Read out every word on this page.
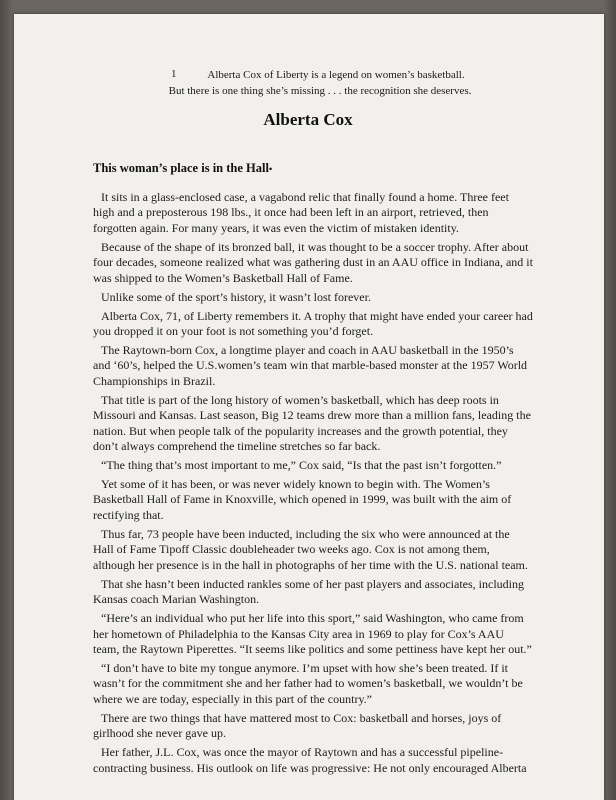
1	Alberta Cox of Liberty is a legend on women’s basketball.
But there is one thing she’s missing . . . the recognition she deserves.
Alberta Cox
This woman’s place is in the Hall•

It sits in a glass-enclosed case, a vagabond relic that finally found a home. Three feet high and a preposterous 198 lbs., it once had been left in an airport, retrieved, then forgotten again. For many years, it was even the victim of mistaken identity.

Because of the shape of its bronzed ball, it was thought to be a soccer trophy. After about four decades, someone realized what was gathering dust in an AAU office in Indiana, and it was shipped to the Women’s Basketball Hall of Fame.

Unlike some of the sport’s history, it wasn’t lost forever.

Alberta Cox, 71, of Liberty remembers it. A trophy that might have ended your career had you dropped it on your foot is not something you’d forget.

The Raytown-born Cox, a longtime player and coach in AAU basketball in the 1950’s and ‘60’s, helped the U.S.women’s team win that marble-based monster at the 1957 World Championships in Brazil.

That title is part of the long history of women’s basketball, which has deep roots in Missouri and Kansas. Last season, Big 12 teams drew more than a million fans, leading the nation. But when people talk of the popularity increases and the growth potential, they don’t always comprehend the timeline stretches so far back.

“The thing that’s most important to me,” Cox said, “Is that the past isn’t forgotten.”

Yet some of it has been, or was never widely known to begin with. The Women’s Basketball Hall of Fame in Knoxville, which opened in 1999, was built with the aim of rectifying that.

Thus far, 73 people have been inducted, including the six who were announced at the Hall of Fame Tipoff Classic doubleheader two weeks ago. Cox is not among them, although her presence is in the hall in photographs of her time with the U.S. national team.

That she hasn’t been inducted rankles some of her past players and associates, including Kansas coach Marian Washington.

“Here’s an individual who put her life into this sport,” said Washington, who came from her hometown of Philadelphia to the Kansas City area in 1969 to play for Cox’s AAU team, the Raytown Piperettes. “It seems like politics and some pettiness have kept her out.”

“I don’t have to bite my tongue anymore. I’m upset with how she’s been treated. If it wasn’t for the commitment she and her father had to women’s basketball, we wouldn’t be where we are today, especially in this part of the country.”

There are two things that have mattered most to Cox: basketball and horses, joys of girlhood she never gave up.

Her father, J.L. Cox, was once the mayor of Raytown and has a successful pipeline-contracting business. His outlook on life was progressive: He not only encouraged Alberta
